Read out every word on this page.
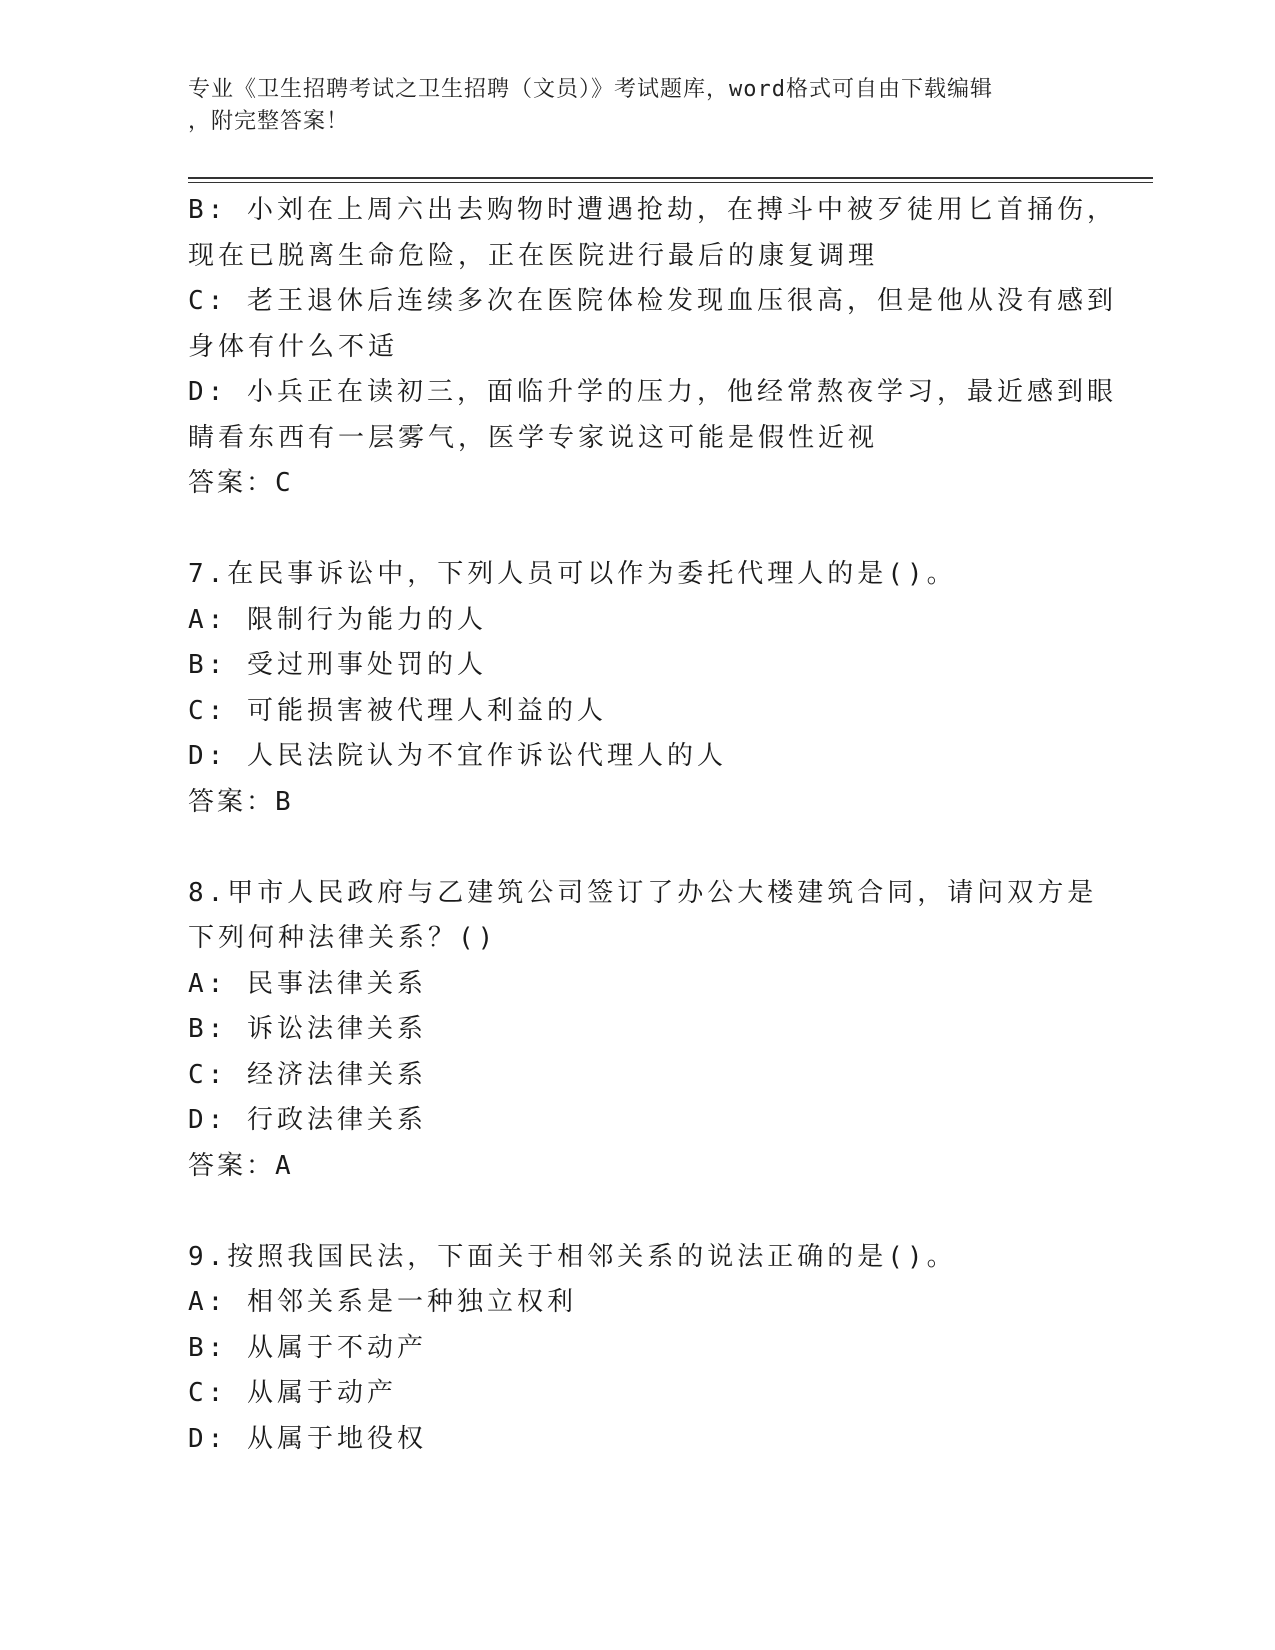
专业《卫生招聘考试之卫生招聘（文员）》考试题库，word格式可自由下载编辑
，附完整答案！
B: 小刘在上周六出去购物时遭遇抢劫，在搏斗中被歹徒用匕首捅伤，
现在已脱离生命危险，正在医院进行最后的康复调理
C: 老王退休后连续多次在医院体检发现血压很高，但是他从没有感到
身体有什么不适
D: 小兵正在读初三，面临升学的压力，他经常熬夜学习，最近感到眼
睛看东西有一层雾气，医学专家说这可能是假性近视
答案：C
7.在民事诉讼中，下列人员可以作为委托代理人的是()。
A: 限制行为能力的人
B: 受过刑事处罚的人
C: 可能损害被代理人利益的人
D: 人民法院认为不宜作诉讼代理人的人
答案：B
8.甲市人民政府与乙建筑公司签订了办公大楼建筑合同，请问双方是
下列何种法律关系？()
A: 民事法律关系
B: 诉讼法律关系
C: 经济法律关系
D: 行政法律关系
答案：A
9.按照我国民法，下面关于相邻关系的说法正确的是()。
A: 相邻关系是一种独立权利
B: 从属于不动产
C: 从属于动产
D: 从属于地役权
